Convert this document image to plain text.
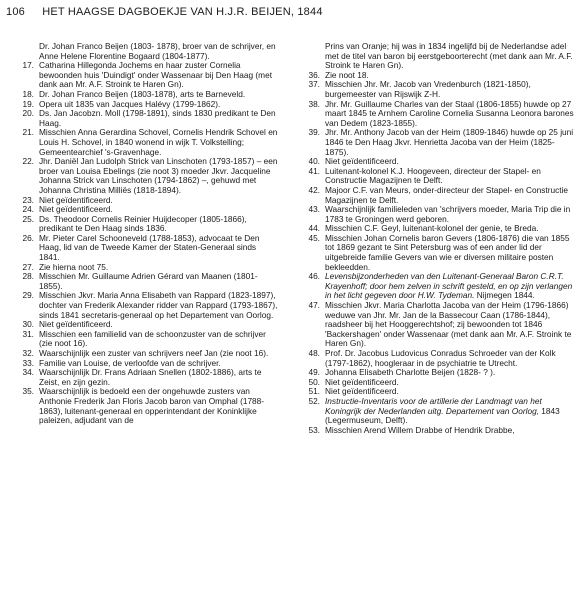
106 HET HAAGSE DAGBOEKJE VAN H.J.R. BEIJEN, 1844
Dr. Johan Franco Beijen (1803- 1878), broer van de schrijver, en Anne Helene Florentine Bogaard (1804-1877).
17. Catharina Hillegonda Jochems en haar zuster Cornelia bewoonden huis 'Duindigt' onder Wassenaar bij Den Haag (met dank aan Mr. A.F. Stroink te Haren Gn).
18. Dr. Johan Franco Beijen (1803-1878), arts te Barneveld.
19. Opera uit 1835 van Jacques Halévy (1799-1862).
20. Ds. Jan Jacobzn. Moll (1798-1891), sinds 1830 predikant te Den Haag.
21. Misschien Anna Gerardina Schovel, Cornelis Hendrik Schovel en Louis H. Schovel, in 1840 wonend in wijk T. Volkstelling; Gemeentearchief 's-Gravenhage.
22. Jhr. Daniël Jan Ludolph Strick van Linschoten (1793-1857) – een broer van Louisa Ebelings (zie noot 3) moeder Jkvr. Jacqueline Johanna Strick van Linschoten (1794-1862) –, gehuwd met Johanna Christina Milliës (1818-1894).
23. Niet geïdentificeerd.
24. Niet geïdentificeerd.
25. Ds. Theodoor Cornelis Reinier Huijdecoper (1805-1866), predikant te Den Haag sinds 1836.
26. Mr. Pieter Carel Schooneveld (1788-1853), advocaat te Den Haag, lid van de Tweede Kamer der Staten-Generaal sinds 1841.
27. Zie hierna noot 75.
28. Misschien Mr. Guillaume Adrien Gérard van Maanen (1801-1855).
29. Misschien Jkvr. Maria Anna Elisabeth van Rappard (1823-1897), dochter van Frederik Alexander ridder van Rappard (1793-1867), sinds 1841 secretaris-generaal op het Departement van Oorlog.
30. Niet geïdentificeerd.
31. Misschien een familielid van de schoonzuster van de schrijver (zie noot 16).
32. Waarschijnlijk een zuster van schrijvers neef Jan (zie noot 16).
33. Familie van Louise, de verloofde van de schrijver.
34. Waarschijnlijk Dr. Frans Adriaan Snellen (1802-1886), arts te Zeist, en zijn gezin.
35. Waarschijnlijk is bedoeld een der ongehuwde zusters van Anthonie Frederik Jan Floris Jacob baron van Omphal (1788-1863), luitenant-generaal en opperintendant der Koninklijke paleizen, adjudant van de
Prins van Oranje; hij was in 1834 ingelijfd bij de Nederlandse adel met de titel van baron bij eerstgeboorterecht (met dank aan Mr. A.F. Stroink te Haren Gn).
36. Zie noot 18.
37. Misschien Jhr. Mr. Jacob van Vredenburch (1821-1850), burgemeester van Rijswijk Z-H.
38. Jhr. Mr. Guillaume Charles van der Staal (1806-1855) huwde op 27 maart 1845 te Arnhem Caroline Cornelia Susanna Leonora barones van Dedem (1823-1855).
39. Jhr. Mr. Anthony Jacob van der Heim (1809-1846) huwde op 25 juni 1846 te Den Haag Jkvr. Henrietta Jacoba van der Heim (1825-1875).
40. Niet geïdentificeerd.
41. Luitenant-kolonel K.J. Hoogeveen, directeur der Stapel- en Constructie Magazijnen te Delft.
42. Majoor C.F. van Meurs, onder-directeur der Stapel- en Constructie Magazijnen te Delft.
43. Waarschijnlijk familieleden van 'schrijvers moeder, Maria Trip die in 1783 te Groningen werd geboren.
44. Misschien C.F. Geyl, luitenant-kolonel der genie, te Breda.
45. Misschien Johan Cornelis baron Gevers (1806-1876) die van 1855 tot 1869 gezant te Sint Petersburg was of een ander lid der uitgebreide familie Gevers van wie er diversen militaire posten bekleedden.
46. Levensbijzonderheden van den Luitenant-Generaal Baron C.R.T. Krayenhoff; door hem zelven in schrift gesteld, en op zijn verlangen in het licht gegeven door H.W. Tydeman. Nijmegen 1844.
47. Misschien Jkvr. Maria Charlotta Jacoba van der Heim (1796-1866) weduwe van Jhr. Mr. Jan de la Bassecour Caan (1786-1844), raadsheer bij het Hooggerechtshof; zij bewoonden tot 1846 'Backershagen' onder Wassenaar (met dank aan Mr. A.F. Stroink te Haren Gn).
48. Prof. Dr. Jacobus Ludovicus Conradus Schroeder van der Kolk (1797-1862), hoogleraar in de psychiatrie te Utrecht.
49. Johanna Elisabeth Charlotte Beijen (1828- ? ).
50. Niet geïdentificeerd.
51. Niet geïdentificeerd.
52. Instructie-Inventaris voor de artillerie der Landmagt van het Koningrijk der Nederlanden uitg. Departement van Oorlog, 1843 (Legermuseum, Delft).
53. Misschien Arend Willem Drabbe of Hendrik Drabbe,
